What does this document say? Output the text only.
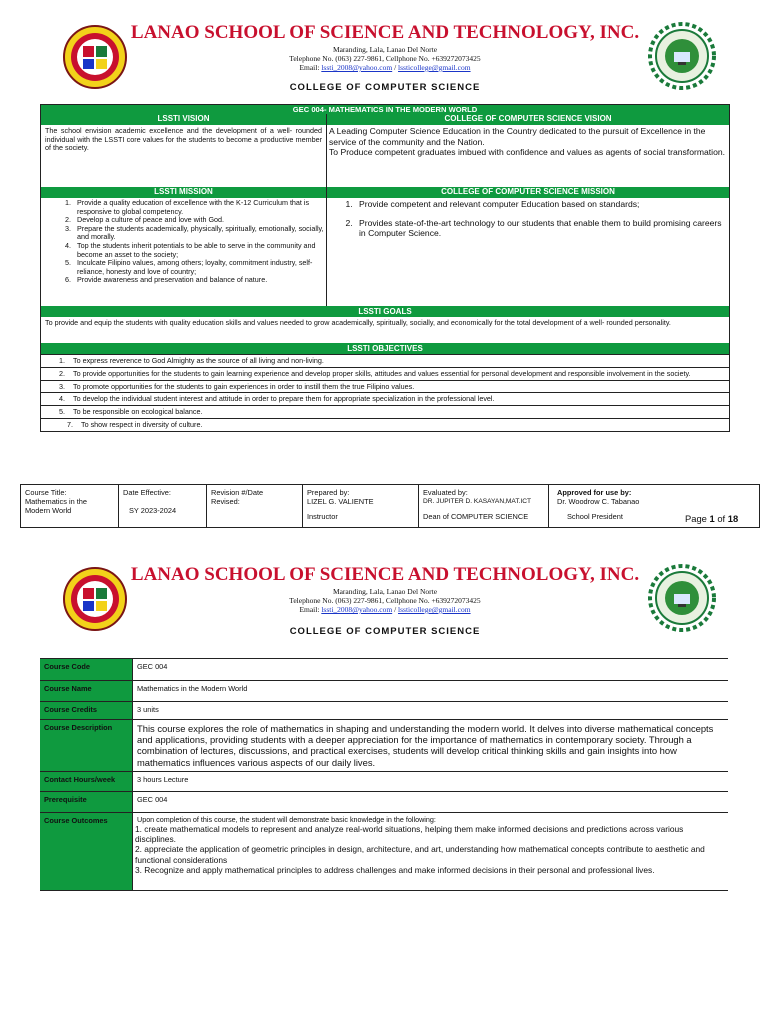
LANAO SCHOOL OF SCIENCE AND TECHNOLOGY, INC.
Maranding, Lala, Lanao Del Norte
Telephone No. (063) 227-9861, Cellphone No. +639272073425
Email: lssti_2008@yahoo.com / lssticollege@gmail.com
COLLEGE OF COMPUTER SCIENCE
GEC 004- MATHEMATICS IN THE MODERN WORLD
LSSTI VISION	COLLEGE OF COMPUTER SCIENCE VISION
The school envision academic excellence and the development of a well- rounded individual with the LSSTI core values for the students to become a productive member of the society.
A Leading Computer Science Education in the Country dedicated to the pursuit of Excellence in the service of the community and the Nation.
To Produce competent graduates imbued with confidence and values as agents of social transformation.
LSSTI MISSION	COLLEGE OF COMPUTER SCIENCE MISSION
1. Provide a quality education of excellence with the K-12 Curriculum that is responsive to global competency.
2. Develop a culture of peace and love with God.
3. Prepare the students academically, physically, spiritually, emotionally, socially, and morally.
4. Top the students inherit potentials to be able to serve in the community and become an asset to the society;
5. Inculcate Filipino values, among others; loyalty, commitment industry, self- reliance, honesty and love of country;
6. Provide awareness and preservation and balance of nature.
1. Provide competent and relevant computer Education based on standards;
2. Provides state-of-the-art technology to our students that enable them to build promising careers in Computer Science.
LSSTI GOALS
To provide and equip the students with quality education skills and values needed to grow academically, spiritually, socially, and economically for the total development of a well- rounded personality.
LSSTI OBJECTIVES
1. To express reverence to God Almighty as the source of all living and non-living.
2. To provide opportunities for the students to gain learning experience and develop proper skills, attitudes and values essential for personal development and responsible involvement in the society.
3. To promote opportunities for the students to gain experiences in order to instill them the true Filipino values.
4. To develop the individual student interest and attitude in order to prepare them for appropriate specialization in the professional level.
5. To be responsible on ecological balance.
7. To show respect in diversity of culture.
Course Title:
Mathematics in the Modern World
Date Effective:
SY 2023-2024
Revision #/Date Revised:
Prepared by:
LIZEL G. VALIENTE
Instructor
Evaluated by:
DR. JUPITER D. KASAYAN,MAT.ICT
Dean of COMPUTER SCIENCE
Approved for use by:
Dr. Woodrow C. Tabanao
School President	Page 1 of 18
LANAO SCHOOL OF SCIENCE AND TECHNOLOGY, INC.
Maranding, Lala, Lanao Del Norte
Telephone No. (063) 227-9861, Cellphone No. +639272073425
Email: lssti_2008@yahoo.com / lssticollege@gmail.com
COLLEGE OF COMPUTER SCIENCE
Course Code	GEC 004
Course Name	Mathematics in the Modern World
Course Credits	3 units
Course Description	This course explores the role of mathematics in shaping and understanding the modern world. It delves into diverse mathematical concepts and applications, providing students with a deeper appreciation for the importance of mathematics in contemporary society. Through a combination of lectures, discussions, and practical exercises, students will develop critical thinking skills and gain insights into how mathematics influences various aspects of our daily lives.
Contact Hours/week	3 hours Lecture
Prerequisite	GEC 004
Course Outcomes	Upon completion of this course, the student will demonstrate basic knowledge in the following:
1. create mathematical models to represent and analyze real-world situations, helping them make informed decisions and predictions across various disciplines.
2. appreciate the application of geometric principles in design, architecture, and art, understanding how mathematical concepts contribute to aesthetic and functional considerations
3. Recognize and apply mathematical principles to address challenges and make informed decisions in their personal and professional lives.
